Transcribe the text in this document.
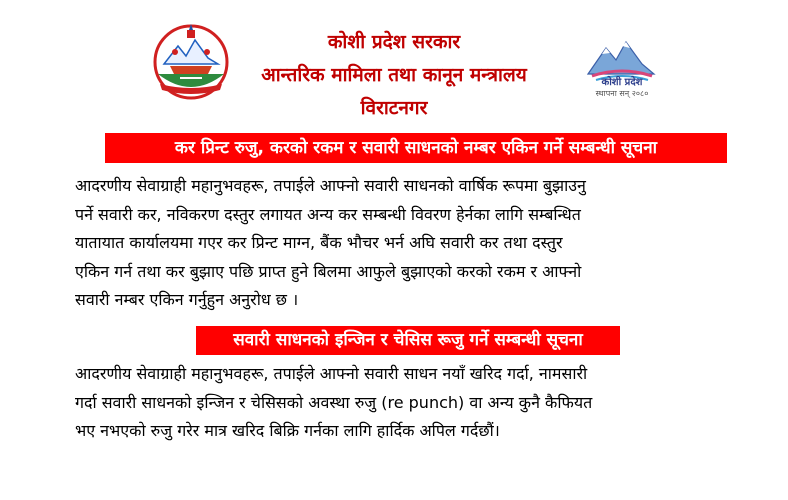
कोशी प्रदेश सरकार
आन्तरिक मामिला तथा कानून मन्त्रालय
विराटनगर
कोशी प्रदेश
स्थापना सन् २०८०
कर प्रिन्ट रुजु, करको रकम र सवारी साधनको नम्बर एकिन गर्ने सम्बन्धी सूचना
आदरणीय सेवाग्राही महानुभवहरू, तपाईले आफ्नो सवारी साधनको वार्षिक रूपमा बुझाउनु
पर्ने सवारी कर, नविकरण दस्तुर लगायत अन्य कर सम्बन्धी विवरण हेर्नका लागि सम्बन्धित
यातायात कार्यालयमा गएर कर प्रिन्ट माग्न, बैंक भौचर भर्न अघि सवारी कर तथा दस्तुर
एकिन गर्न तथा कर बुझाए पछि प्राप्त हुने बिलमा आफुले बुझाएको करको रकम र आफ्नो
सवारी नम्बर एकिन गर्नुहुन अनुरोध छ ।
सवारी साधनको इन्जिन र चेसिस रूजु गर्ने सम्बन्धी सूचना
आदरणीय सेवाग्राही महानुभवहरू, तपाईले आफ्नो सवारी साधन नयाँ खरिद गर्दा, नामसारी
गर्दा सवारी साधनको इन्जिन र चेसिसको अवस्था रुजु (re punch) वा अन्य कुनै कैफियत
भए नभएको रुजु गरेर मात्र खरिद बिक्रि गर्नका लागि हार्दिक अपिल गर्दछौं।
